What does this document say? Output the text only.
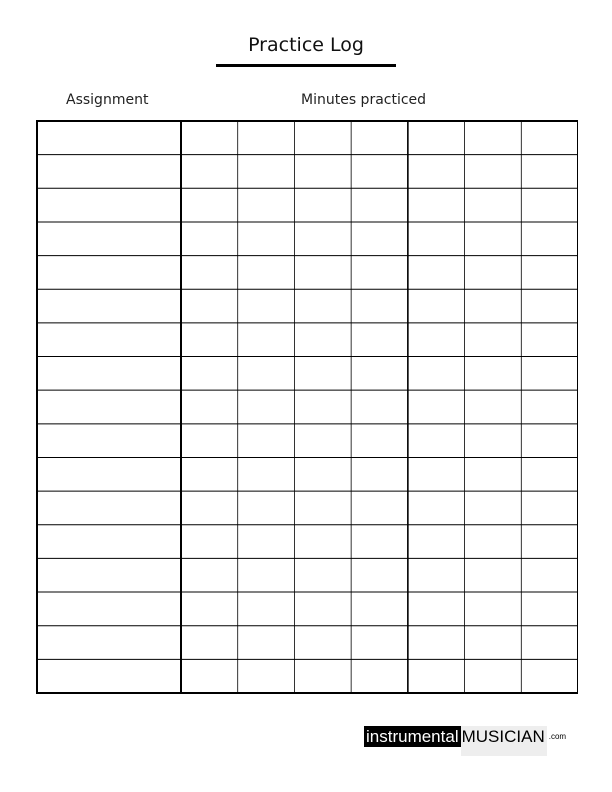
Practice Log
Assignment	Minutes practiced
instrumental MUSICIAN .com
